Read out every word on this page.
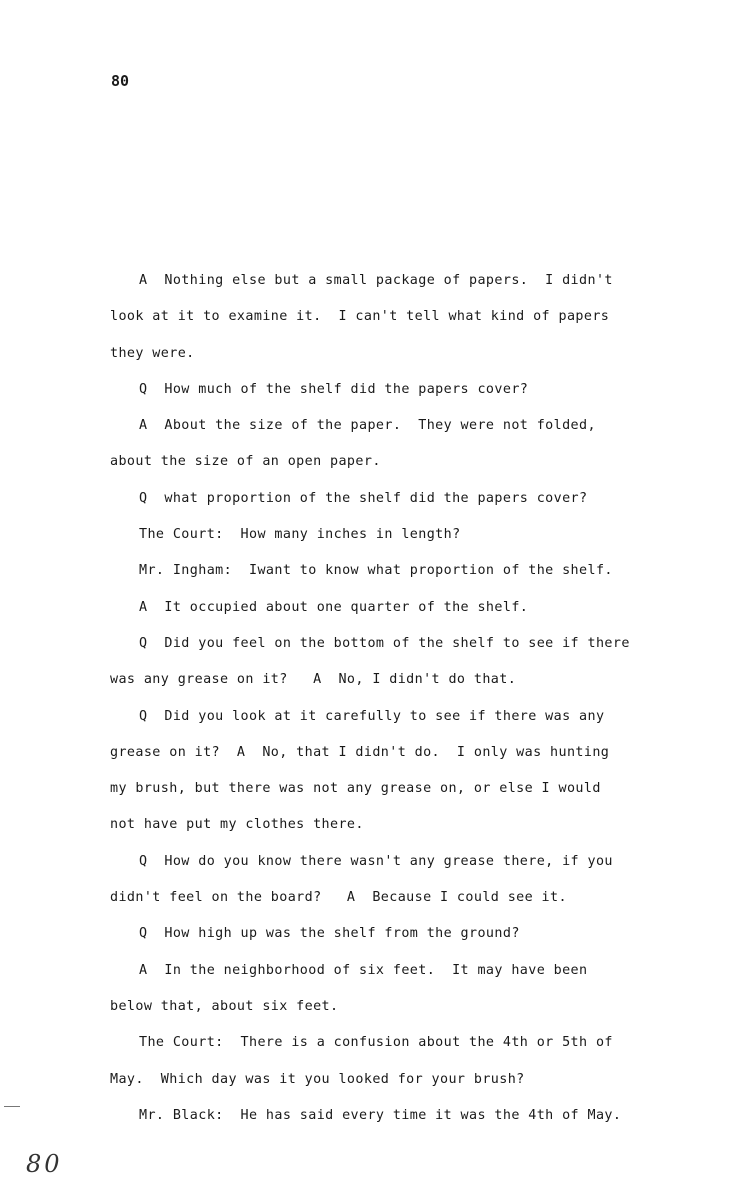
80
A  Nothing else but a small package of papers.  I didn't
look at it to examine it.  I can't tell what kind of papers
they were.
Q  How much of the shelf did the papers cover?
A  About the size of the paper.  They were not folded,
about the size of an open paper.
Q  what proportion of the shelf did the papers cover?
The Court:  How many inches in length?
Mr. Ingham:  Iwant to know what proportion of the shelf.
A  It occupied about one quarter of the shelf.
Q  Did you feel on the bottom of the shelf to see if there
was any grease on it?   A  No, I didn't do that.
Q  Did you look at it carefully to see if there was any
grease on it?  A  No, that I didn't do.  I only was hunting
my brush, but there was not any grease on, or else I would
not have put my clothes there.
Q  How do you know there wasn't any grease there, if you
didn't feel on the board?   A  Because I could see it.
Q  How high up was the shelf from the ground?
A  In the neighborhood of six feet.  It may have been
below that, about six feet.
The Court:  There is a confusion about the 4th or 5th of
May.  Which day was it you looked for your brush?
Mr. Black:  He has said every time it was the 4th of May.
80
